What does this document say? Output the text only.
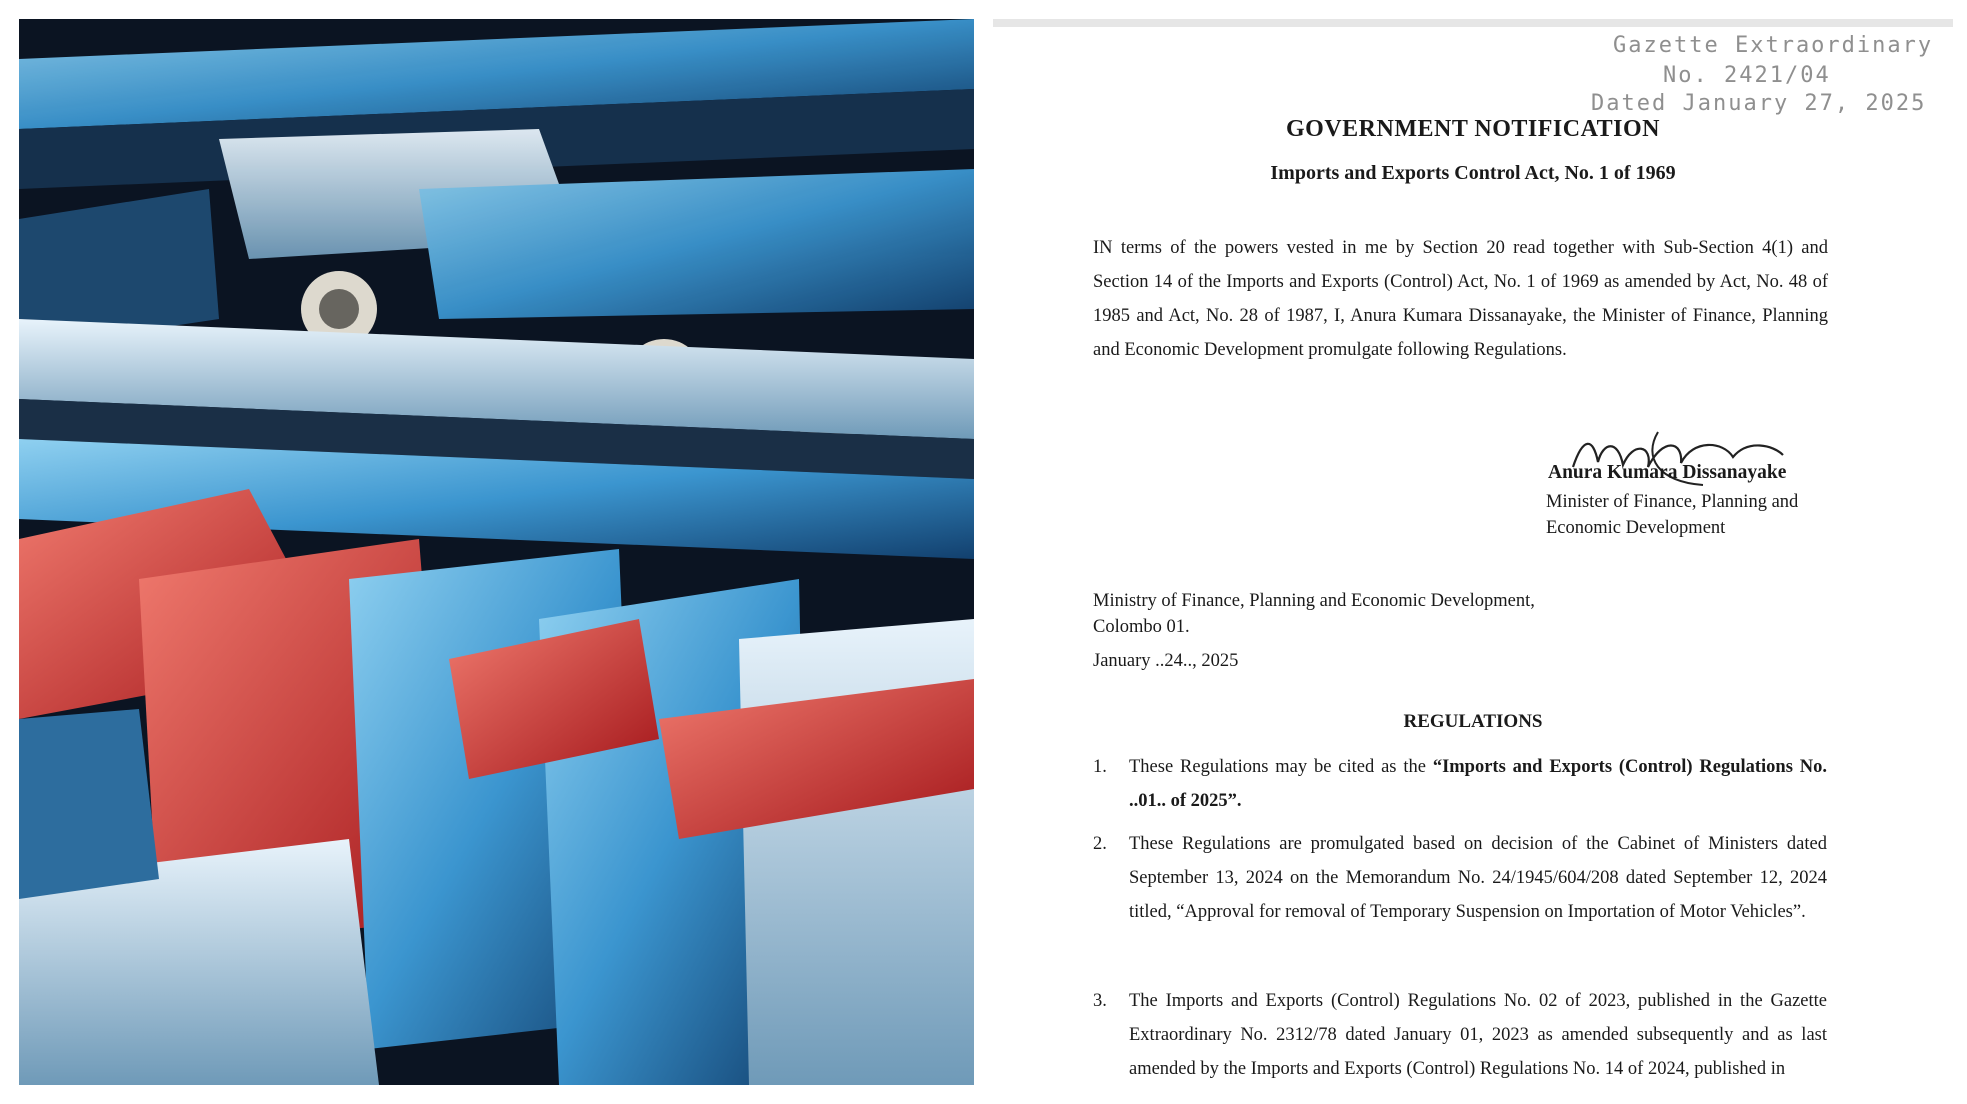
Gazette Extraordinary
No. 2421/04
Dated January 27, 2025
GOVERNMENT NOTIFICATION
Imports and Exports Control Act, No. 1 of 1969
IN terms of the powers vested in me by Section 20 read together with Sub-Section 4(1) and Section 14 of the Imports and Exports (Control) Act, No. 1 of 1969 as amended by Act, No. 48 of 1985 and Act, No. 28 of 1987, I, Anura Kumara Dissanayake, the Minister of Finance, Planning and Economic Development promulgate following Regulations.
Anura Kumara Dissanayake
Minister of Finance, Planning and
Economic Development
Ministry of Finance, Planning and Economic Development,
Colombo 01.
January ..24.., 2025
REGULATIONS
1. These Regulations may be cited as the “Imports and Exports (Control) Regulations No. ..01.. of 2025”.
2. These Regulations are promulgated based on decision of the Cabinet of Ministers dated September 13, 2024 on the Memorandum No. 24/1945/604/208 dated September 12, 2024 titled, “Approval for removal of Temporary Suspension on Importation of Motor Vehicles”.
3. The Imports and Exports (Control) Regulations No. 02 of 2023, published in the Gazette Extraordinary No. 2312/78 dated January 01, 2023 as amended subsequently and as last amended by the Imports and Exports (Control) Regulations No. 14 of 2024, published in
